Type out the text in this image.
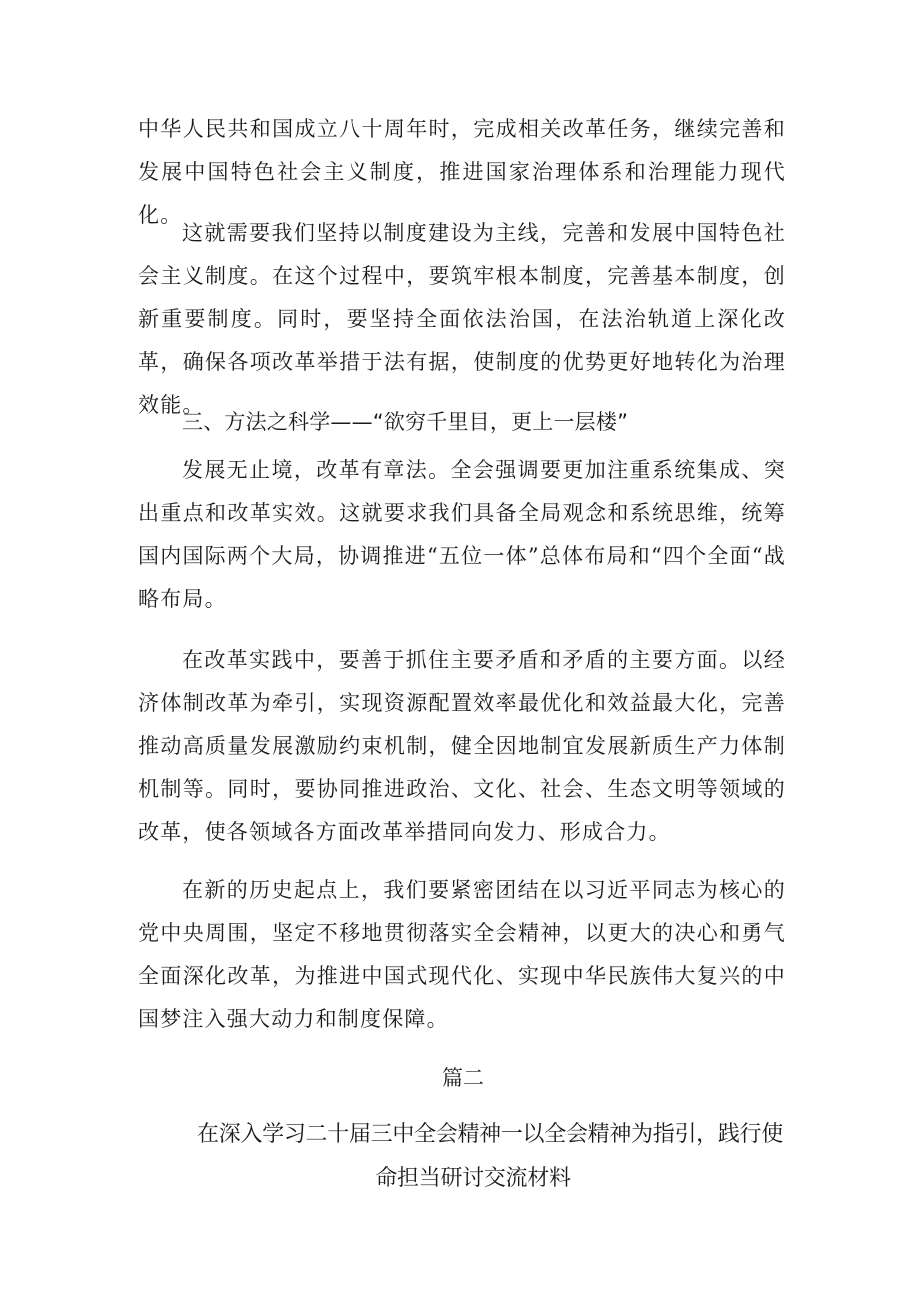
中华人民共和国成立八十周年时，完成相关改革任务，继续完善和发展中国特色社会主义制度，推进国家治理体系和治理能力现代化。

这就需要我们坚持以制度建设为主线，完善和发展中国特色社会主义制度。在这个过程中，要筑牢根本制度，完善基本制度，创新重要制度。同时，要坚持全面依法治国，在法治轨道上深化改革，确保各项改革举措于法有据，使制度的优势更好地转化为治理效能。

三、方法之科学——“欲穷千里目，更上一层楼”

发展无止境，改革有章法。全会强调要更加注重系统集成、突出重点和改革实效。这就要求我们具备全局观念和系统思维，统筹国内国际两个大局，协调推进“五位一体”总体布局和“四个全面“战略布局。

在改革实践中，要善于抓住主要矛盾和矛盾的主要方面。以经济体制改革为牵引，实现资源配置效率最优化和效益最大化，完善推动高质量发展激励约束机制，健全因地制宜发展新质生产力体制机制等。同时，要协同推进政治、文化、社会、生态文明等领域的改革，使各领域各方面改革举措同向发力、形成合力。

在新的历史起点上，我们要紧密团结在以习近平同志为核心的党中央周围，坚定不移地贯彻落实全会精神，以更大的决心和勇气全面深化改革，为推进中国式现代化、实现中华民族伟大复兴的中国梦注入强大动力和制度保障。

篇二
在深入学习二十届三中全会精神一以全会精神为指引，践行使
命担当研讨交流材料
